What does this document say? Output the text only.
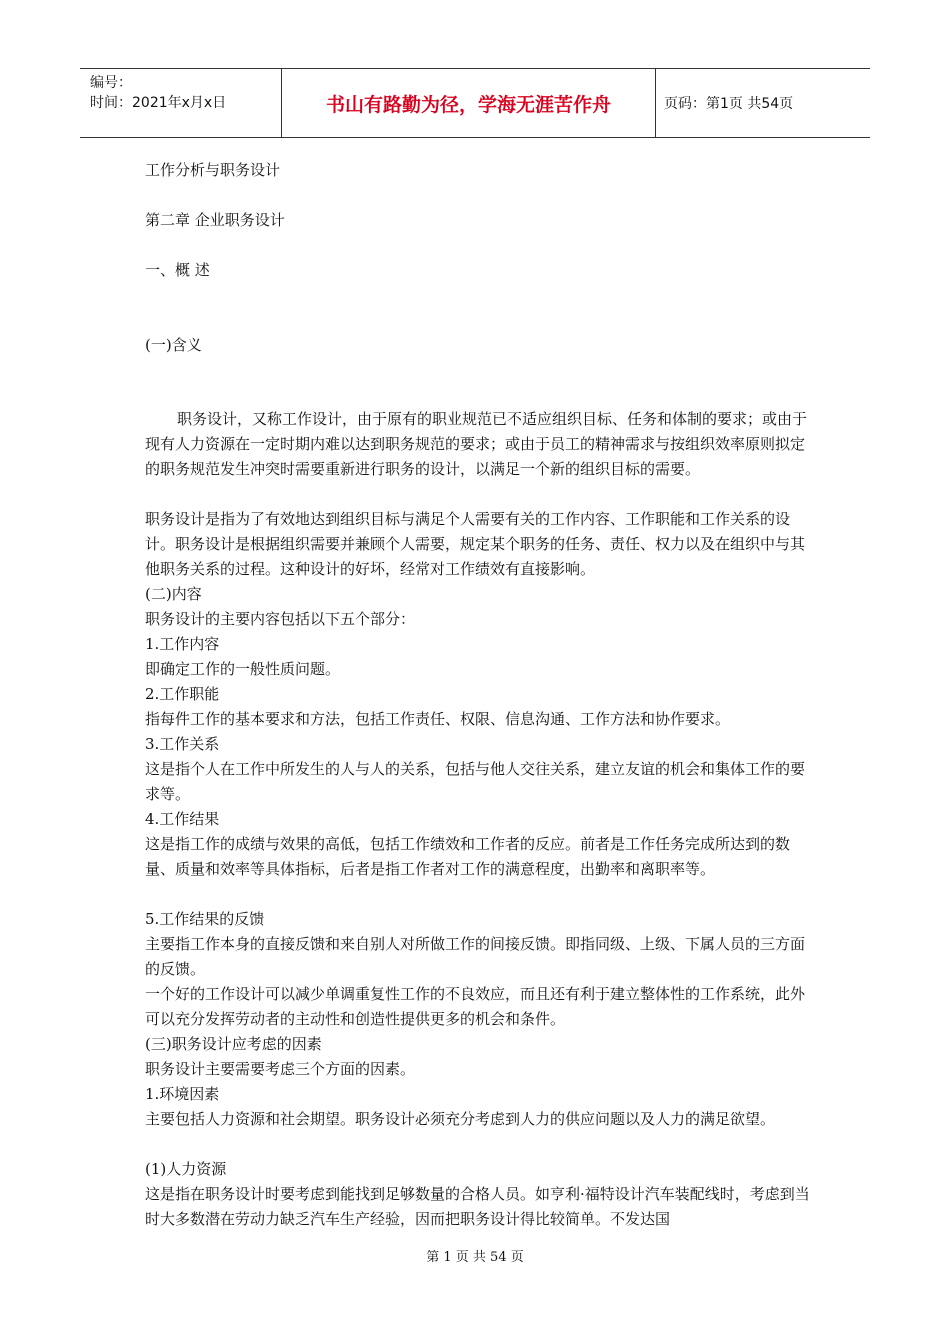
编号：
时间：2021年x月x日	书山有路勤为径，学海无涯苦作舟	页码：第1页 共54页
工作分析与职务设计
第二章 企业职务设计
一、概 述
(一)含义
职务设计，又称工作设计，由于原有的职业规范已不适应组织目标、任务和体制的要求；或由于现有人力资源在一定时期内难以达到职务规范的要求；或由于员工的精神需求与按组织效率原则拟定的职务规范发生冲突时需要重新进行职务的设计，以满足一个新的组织目标的需要。
职务设计是指为了有效地达到组织目标与满足个人需要有关的工作内容、工作职能和工作关系的设计。职务设计是根据组织需要并兼顾个人需要，规定某个职务的任务、责任、权力以及在组织中与其他职务关系的过程。这种设计的好坏，经常对工作绩效有直接影响。
(二)内容
职务设计的主要内容包括以下五个部分：
1.工作内容
即确定工作的一般性质问题。
2.工作职能
指每件工作的基本要求和方法，包括工作责任、权限、信息沟通、工作方法和协作要求。
3.工作关系
这是指个人在工作中所发生的人与人的关系，包括与他人交往关系，建立友谊的机会和集体工作的要求等。
4.工作结果
这是指工作的成绩与效果的高低，包括工作绩效和工作者的反应。前者是工作任务完成所达到的数量、质量和效率等具体指标，后者是指工作者对工作的满意程度，出勤率和离职率等。
5.工作结果的反馈
主要指工作本身的直接反馈和来自别人对所做工作的间接反馈。即指同级、上级、下属人员的三方面的反馈。
一个好的工作设计可以减少单调重复性工作的不良效应，而且还有利于建立整体性的工作系统，此外可以充分发挥劳动者的主动性和创造性提供更多的机会和条件。
(三)职务设计应考虑的因素
职务设计主要需要考虑三个方面的因素。
1.环境因素
主要包括人力资源和社会期望。职务设计必须充分考虑到人力的供应问题以及人力的满足欲望。
(1)人力资源
这是指在职务设计时要考虑到能找到足够数量的合格人员。如亨利·福特设计汽车装配线时，考虑到当时大多数潜在劳动力缺乏汽车生产经验，因而把职务设计得比较简单。不发达国
第 1 页 共 54 页
